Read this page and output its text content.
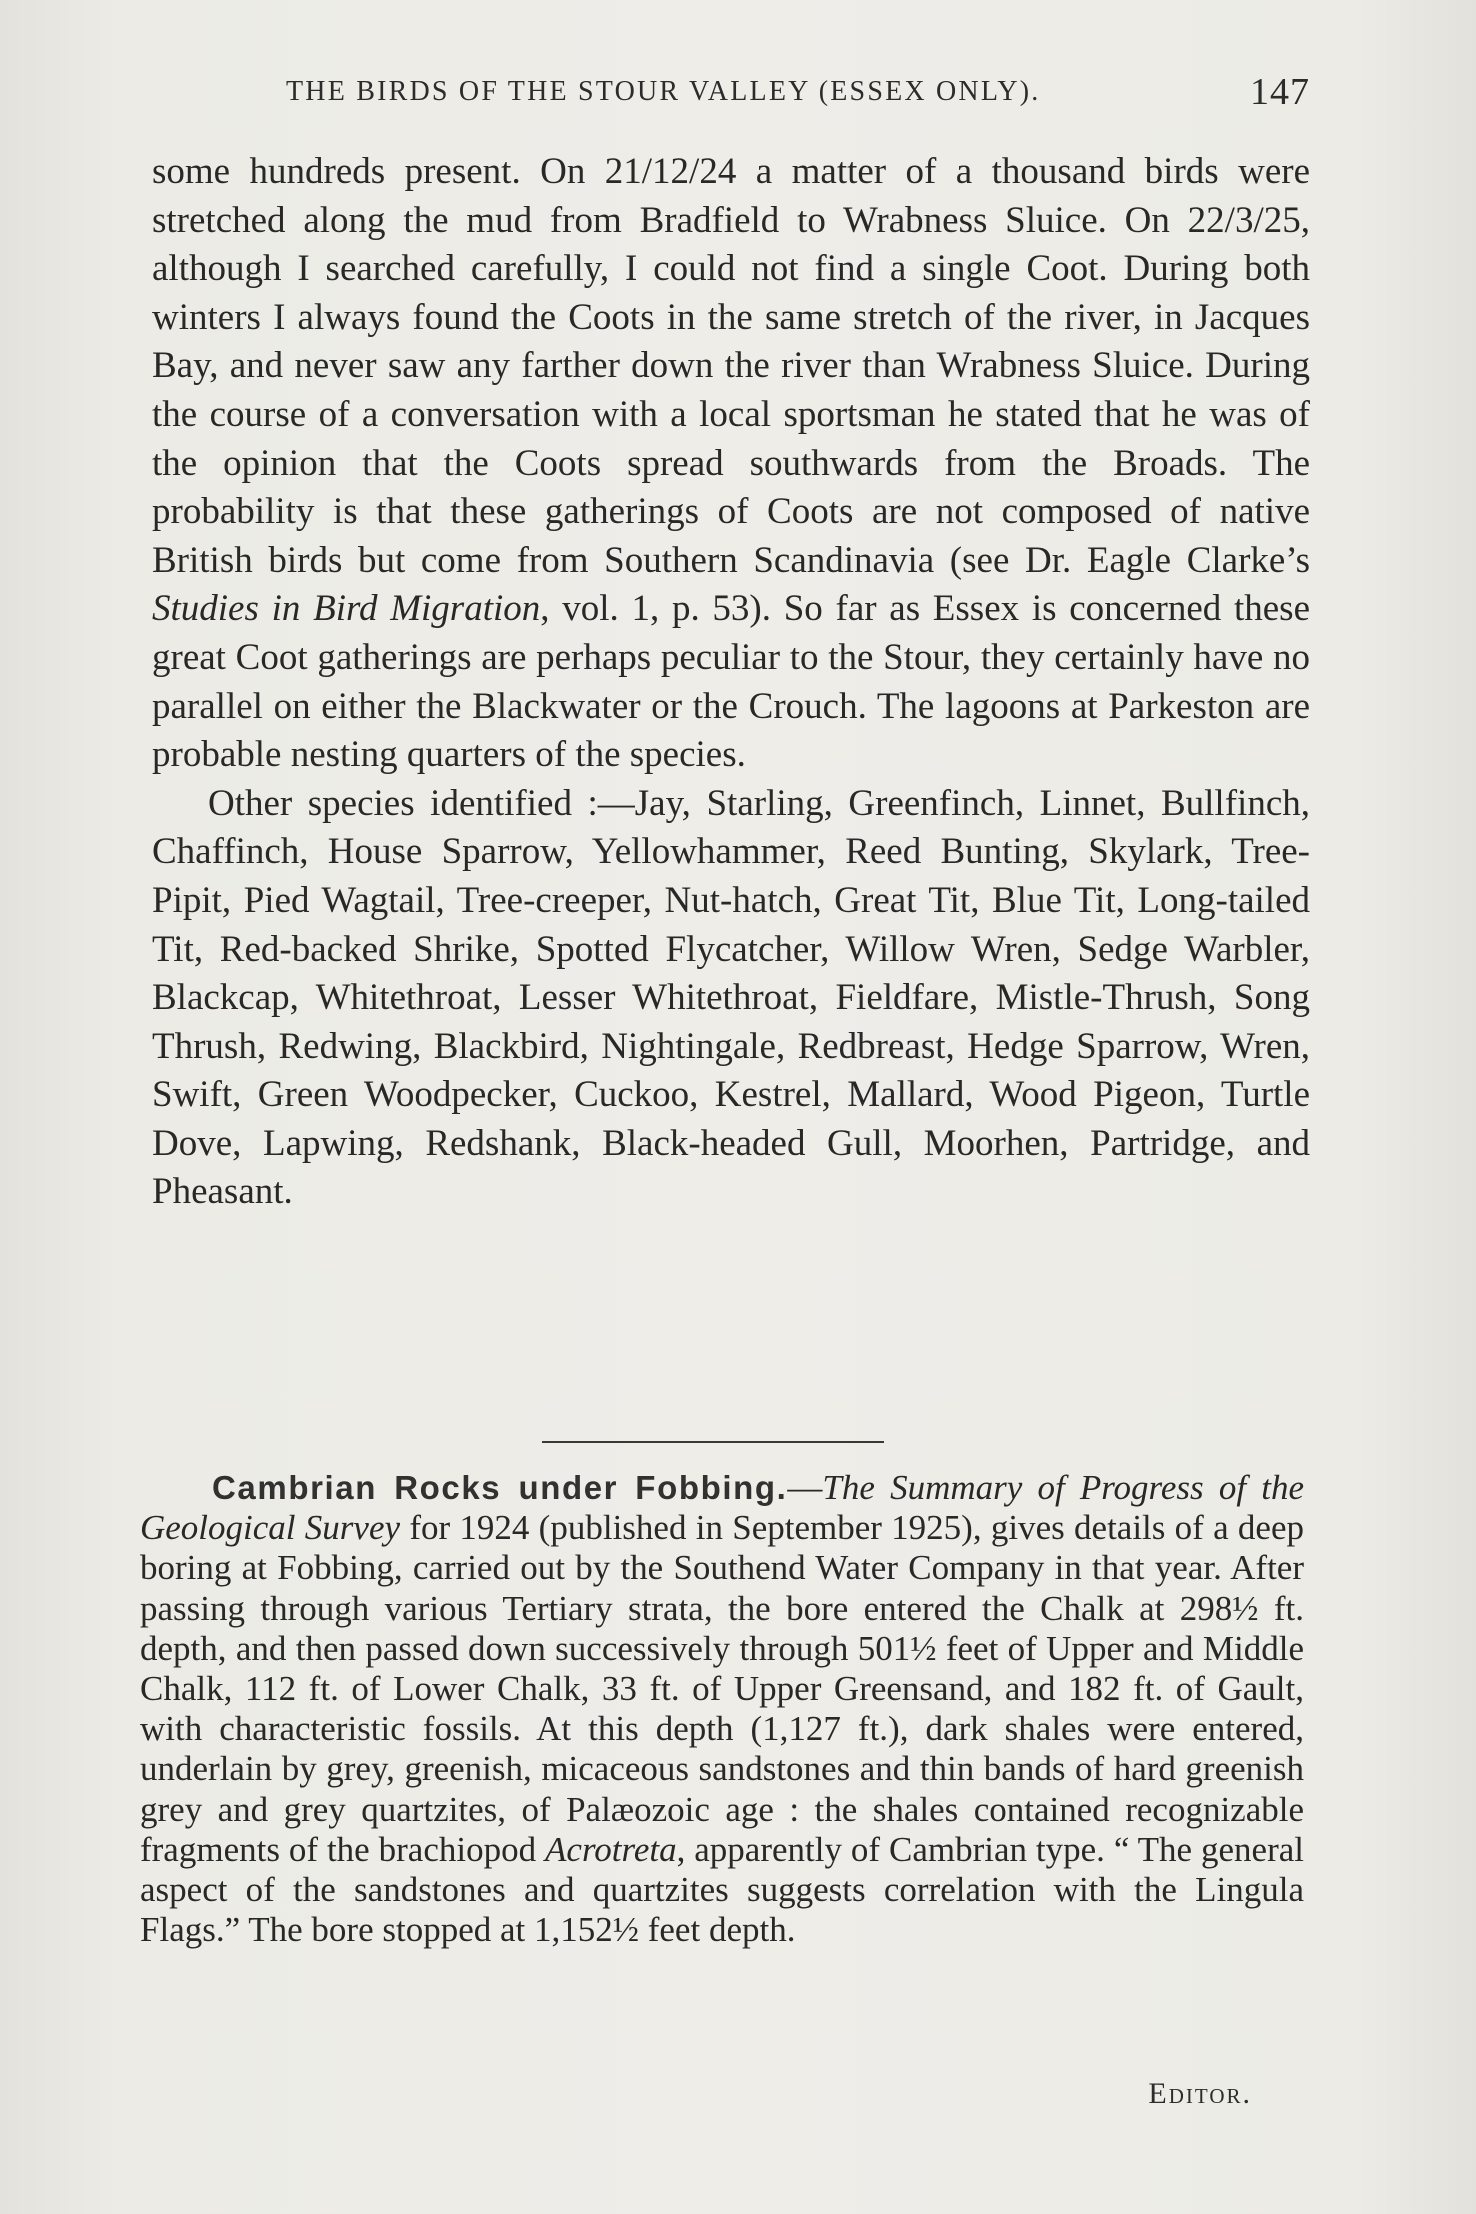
THE BIRDS OF THE STOUR VALLEY (ESSEX ONLY).	147

some hundreds present. On 21/12/24 a matter of a thousand birds were stretched along the mud from Bradfield to Wrabness Sluice. On 22/3/25, although I searched carefully, I could not find a single Coot. During both winters I always found the Coots in the same stretch of the river, in Jacques Bay, and never saw any farther down the river than Wrabness Sluice. During the course of a conversation with a local sportsman he stated that he was of the opinion that the Coots spread southwards from the Broads. The probability is that these gatherings of Coots are not composed of native British birds but come from Southern Scandinavia (see Dr. Eagle Clarke’s Studies in Bird Migration, vol. 1, p. 53). So far as Essex is concerned these great Coot gatherings are perhaps peculiar to the Stour, they certainly have no parallel on either the Blackwater or the Crouch. The lagoons at Parkeston are probable nesting quarters of the species.

Other species identified :—Jay, Starling, Greenfinch, Linnet, Bullfinch, Chaffinch, House Sparrow, Yellowhammer, Reed Bunting, Skylark, Tree-Pipit, Pied Wagtail, Tree-creeper, Nut-hatch, Great Tit, Blue Tit, Long-tailed Tit, Red-backed Shrike, Spotted Flycatcher, Willow Wren, Sedge Warbler, Blackcap, Whitethroat, Lesser Whitethroat, Fieldfare, Mistle-Thrush, Song Thrush, Redwing, Blackbird, Nightingale, Redbreast, Hedge Sparrow, Wren, Swift, Green Woodpecker, Cuckoo, Kestrel, Mallard, Wood Pigeon, Turtle Dove, Lapwing, Redshank, Black-headed Gull, Moorhen, Partridge, and Pheasant.

Cambrian Rocks under Fobbing.—The Summary of Progress of the Geological Survey for 1924 (published in September 1925), gives details of a deep boring at Fobbing, carried out by the Southend Water Company in that year. After passing through various Tertiary strata, the bore entered the Chalk at 298½ ft. depth, and then passed down successively through 501½ feet of Upper and Middle Chalk, 112 ft. of Lower Chalk, 33 ft. of Upper Greensand, and 182 ft. of Gault, with characteristic fossils. At this depth (1,127 ft.), dark shales were entered, underlain by grey, greenish, micaceous sandstones and thin bands of hard greenish grey and grey quartzites, of Palæozoic age : the shales contained recognizable fragments of the brachiopod Acrotreta, apparently of Cambrian type. “ The general aspect of the sandstones and quartzites suggests correlation with the Lingula Flags.” The bore stopped at 1,152½ feet depth.

Editor.
